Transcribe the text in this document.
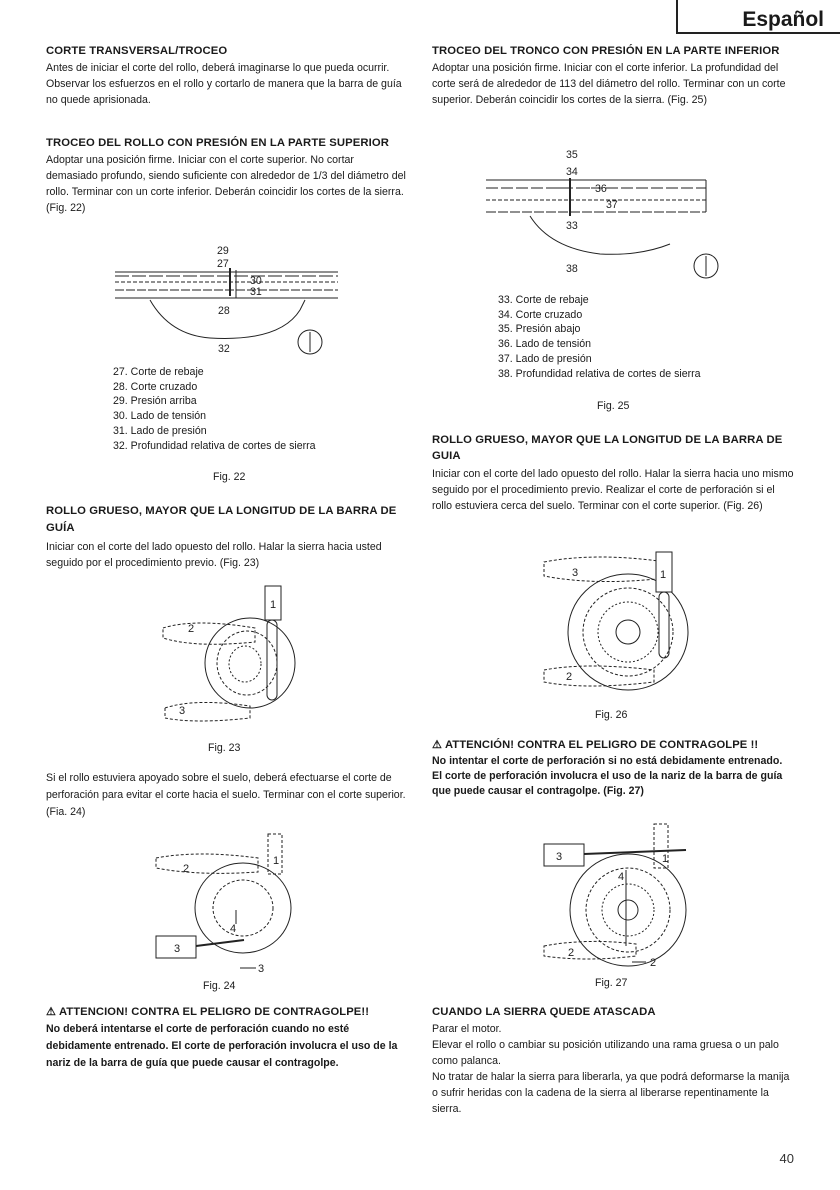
Español
CORTE TRANSVERSAL/TROCEO

Antes de iniciar el corte del rollo, deberá imaginarse lo que pueda ocurrir. Observar los esfuerzos en el rollo y cortarlo de manera que la barra de guía no quede aprisionada.

TROCEO DEL ROLLO CON PRESIÓN EN LA PARTE SUPERIOR

Adoptar una posición firme. Iniciar con el corte superior. No cortar demasiado profundo, siendo suficiente con alrededor de 1/3 del diámetro del rollo. Terminar con un corte inferior. Deberán coincidir los cortes de la sierra. (Fig. 22)

29
27
30
31
28
32
27. Corte de rebaje
28. Corte cruzado
29. Presión arriba
30. Lado de tensión
31. Lado de presión
32. Profundidad relativa de cortes de sierra
Fig. 22
ROLLO GRUESO, MAYOR QUE LA LONGITUD DE LA BARRA DE GUÍA

Iniciar con el corte del lado opuesto del rollo. Halar la sierra hacia usted seguido por el procedimiento previo. (Fig. 23)

1
2
3
Fig. 23

Si el rollo estuviera apoyado sobre el suelo, deberá efectuarse el corte de perforación para evitar el corte hacia el suelo. Terminar con el corte superior. (Fia. 24)

1
2
3
4
3
Fig. 24
⚠ ATTENCION! CONTRA EL PELIGRO DE CONTRAGOLPE!!

No deberá intentarse el corte de perforación cuando no esté debidamente entrenado. El corte de perforación involucra el uso de la nariz de la barra de guía que puede causar el contragolpe.

TROCEO DEL TRONCO CON PRESIÓN EN LA PARTE INFERIOR

Adoptar una posición firme. Iniciar con el corte inferior. La profundidad del corte será de alrededor de 113 del diámetro del rollo. Terminar con un corte superior. Deberán coincidir los cortes de la sierra. (Fig. 25)

35
34
36
37
33
38
33. Corte de rebaje
34. Corte cruzado
35. Presión abajo
36. Lado de tensión
37. Lado de presión
38. Profundidad relativa de cortes de sierra
Fig. 25
ROLLO GRUESO, MAYOR QUE LA LONGITUD DE LA BARRA DE GUIA

Iniciar con el corte del lado opuesto del rollo. Halar la sierra hacia uno mismo seguido por el procedimiento previo. Realizar el corte de perforación si el rollo estuviera cerca del suelo. Terminar con el corte superior. (Fig. 26)

3	1
2
Fig. 26
⚠ ATTENCIÓN! CONTRA EL PELIGRO DE CONTRAGOLPE !!

No intentar el corte de perforación si no está debidamente entrenado. El corte de perforación involucra el uso de la nariz de la barra de guía que puede causar el contragolpe. (Fig. 27)

3	1
4
2
2
Fig. 27
CUANDO LA SIERRA QUEDE ATASCADA

Parar el motor.

Elevar el rollo o cambiar su posición utilizando una rama gruesa o un palo como palanca.

No tratar de halar la sierra para liberarla, ya que podrá deformarse la manija o sufrir heridas con la cadena de la sierra al liberarse repentinamente la sierra.

40
